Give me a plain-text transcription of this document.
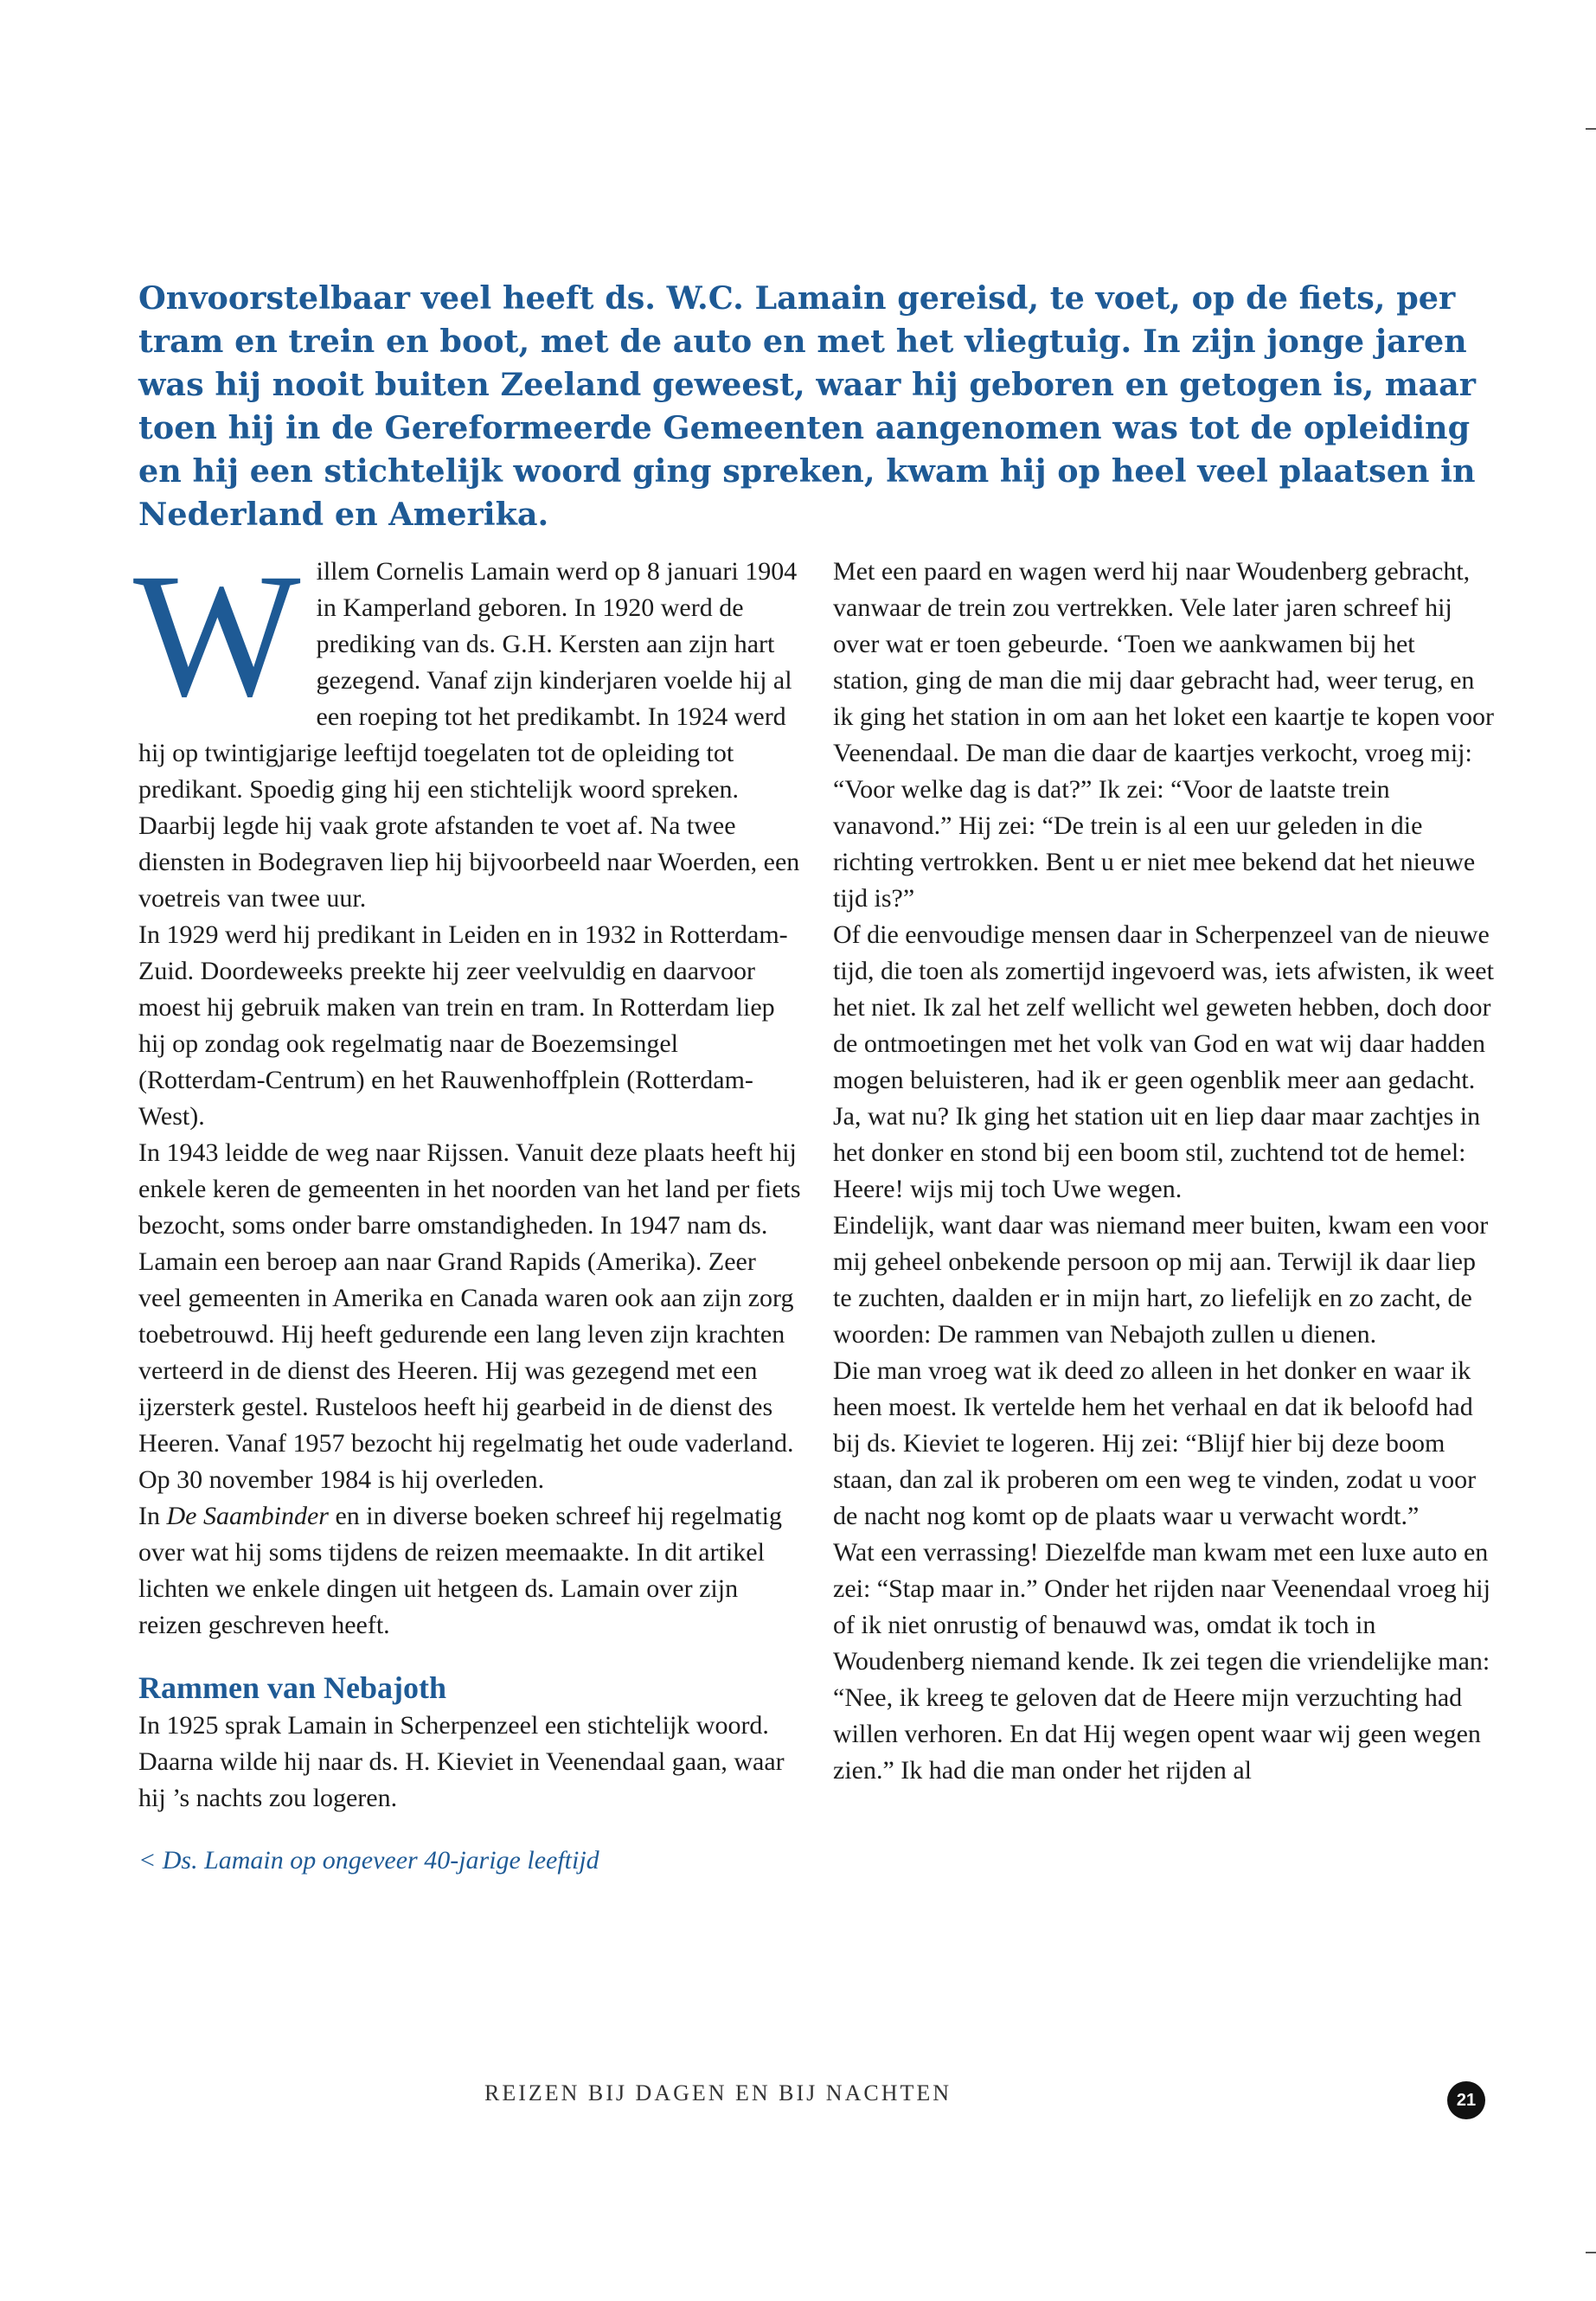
Onvoorstelbaar veel heeft ds. W.C. Lamain gereisd, te voet, op de fiets, per tram en trein en boot, met de auto en met het vliegtuig. In zijn jonge jaren was hij nooit buiten Zeeland geweest, waar hij geboren en getogen is, maar toen hij in de Gereformeerde Gemeenten aangenomen was tot de opleiding en hij een stichtelijk woord ging spreken, kwam hij op heel veel plaatsen in Nederland en Amerika.

W illem Cornelis Lamain werd op 8 januari 1904 in Kamperland geboren. In 1920 werd de prediking van ds. G.H. Kersten aan zijn hart gezegend. Vanaf zijn kinderjaren voelde hij al een roeping tot het predikambt. In 1924 werd hij op twintigjarige leeftijd toegelaten tot de opleiding tot predikant. Spoedig ging hij een stichtelijk woord spreken. Daarbij legde hij vaak grote afstanden te voet af. Na twee diensten in Bodegraven liep hij bijvoorbeeld naar Woerden, een voetreis van twee uur.

In 1929 werd hij predikant in Leiden en in 1932 in Rotterdam-Zuid. Doordeweeks preekte hij zeer veelvuldig en daarvoor moest hij gebruik maken van trein en tram. In Rotterdam liep hij op zondag ook regelmatig naar de Boezemsingel (Rotterdam-Centrum) en het Rauwenhoffplein (Rotterdam-West).

In 1943 leidde de weg naar Rijssen. Vanuit deze plaats heeft hij enkele keren de gemeenten in het noorden van het land per fiets bezocht, soms onder barre omstandigheden. In 1947 nam ds. Lamain een beroep aan naar Grand Rapids (Amerika). Zeer veel gemeenten in Amerika en Canada waren ook aan zijn zorg toebetrouwd. Hij heeft gedurende een lang leven zijn krachten verteerd in de dienst des Heeren. Hij was gezegend met een ijzersterk gestel. Rusteloos heeft hij gearbeid in de dienst des Heeren. Vanaf 1957 bezocht hij regelmatig het oude vaderland. Op 30 november 1984 is hij overleden.

In De Saambinder en in diverse boeken schreef hij regelmatig over wat hij soms tijdens de reizen meemaakte. In dit artikel lichten we enkele dingen uit hetgeen ds. Lamain over zijn reizen geschreven heeft.

Rammen van Nebajoth

In 1925 sprak Lamain in Scherpenzeel een stichtelijk woord. Daarna wilde hij naar ds. H. Kieviet in Veenendaal gaan, waar hij ’s nachts zou logeren.

< Ds. Lamain op ongeveer 40-jarige leeftijd

Met een paard en wagen werd hij naar Woudenberg gebracht, vanwaar de trein zou vertrekken. Vele later jaren schreef hij over wat er toen gebeurde. ‘Toen we aankwamen bij het station, ging de man die mij daar gebracht had, weer terug, en ik ging het station in om aan het loket een kaartje te kopen voor Veenendaal. De man die daar de kaartjes verkocht, vroeg mij: “Voor welke dag is dat?” Ik zei: “Voor de laatste trein vanavond.” Hij zei: “De trein is al een uur geleden in die richting vertrokken. Bent u er niet mee bekend dat het nieuwe tijd is?”

Of die eenvoudige mensen daar in Scherpenzeel van de nieuwe tijd, die toen als zomertijd ingevoerd was, iets afwisten, ik weet het niet. Ik zal het zelf wellicht wel geweten hebben, doch door de ontmoetingen met het volk van God en wat wij daar hadden mogen beluisteren, had ik er geen ogenblik meer aan gedacht. Ja, wat nu? Ik ging het station uit en liep daar maar zachtjes in het donker en stond bij een boom stil, zuchtend tot de hemel: Heere! wijs mij toch Uwe wegen.

Eindelijk, want daar was niemand meer buiten, kwam een voor mij geheel onbekende persoon op mij aan. Terwijl ik daar liep te zuchten, daalden er in mijn hart, zo liefelijk en zo zacht, de woorden: De rammen van Nebajoth zullen u dienen.

Die man vroeg wat ik deed zo alleen in het donker en waar ik heen moest. Ik vertelde hem het verhaal en dat ik beloofd had bij ds. Kieviet te logeren. Hij zei: “Blijf hier bij deze boom staan, dan zal ik proberen om een weg te vinden, zodat u voor de nacht nog komt op de plaats waar u verwacht wordt.”

Wat een verrassing! Diezelfde man kwam met een luxe auto en zei: “Stap maar in.” Onder het rijden naar Veenendaal vroeg hij of ik niet onrustig of benauwd was, omdat ik toch in Woudenberg niemand kende. Ik zei tegen die vriendelijke man: “Nee, ik kreeg te geloven dat de Heere mijn verzuchting had willen verhoren. En dat Hij wegen opent waar wij geen wegen zien.” Ik had die man onder het rijden al

REIZEN BIJ DAGEN EN BIJ NACHTEN	21
